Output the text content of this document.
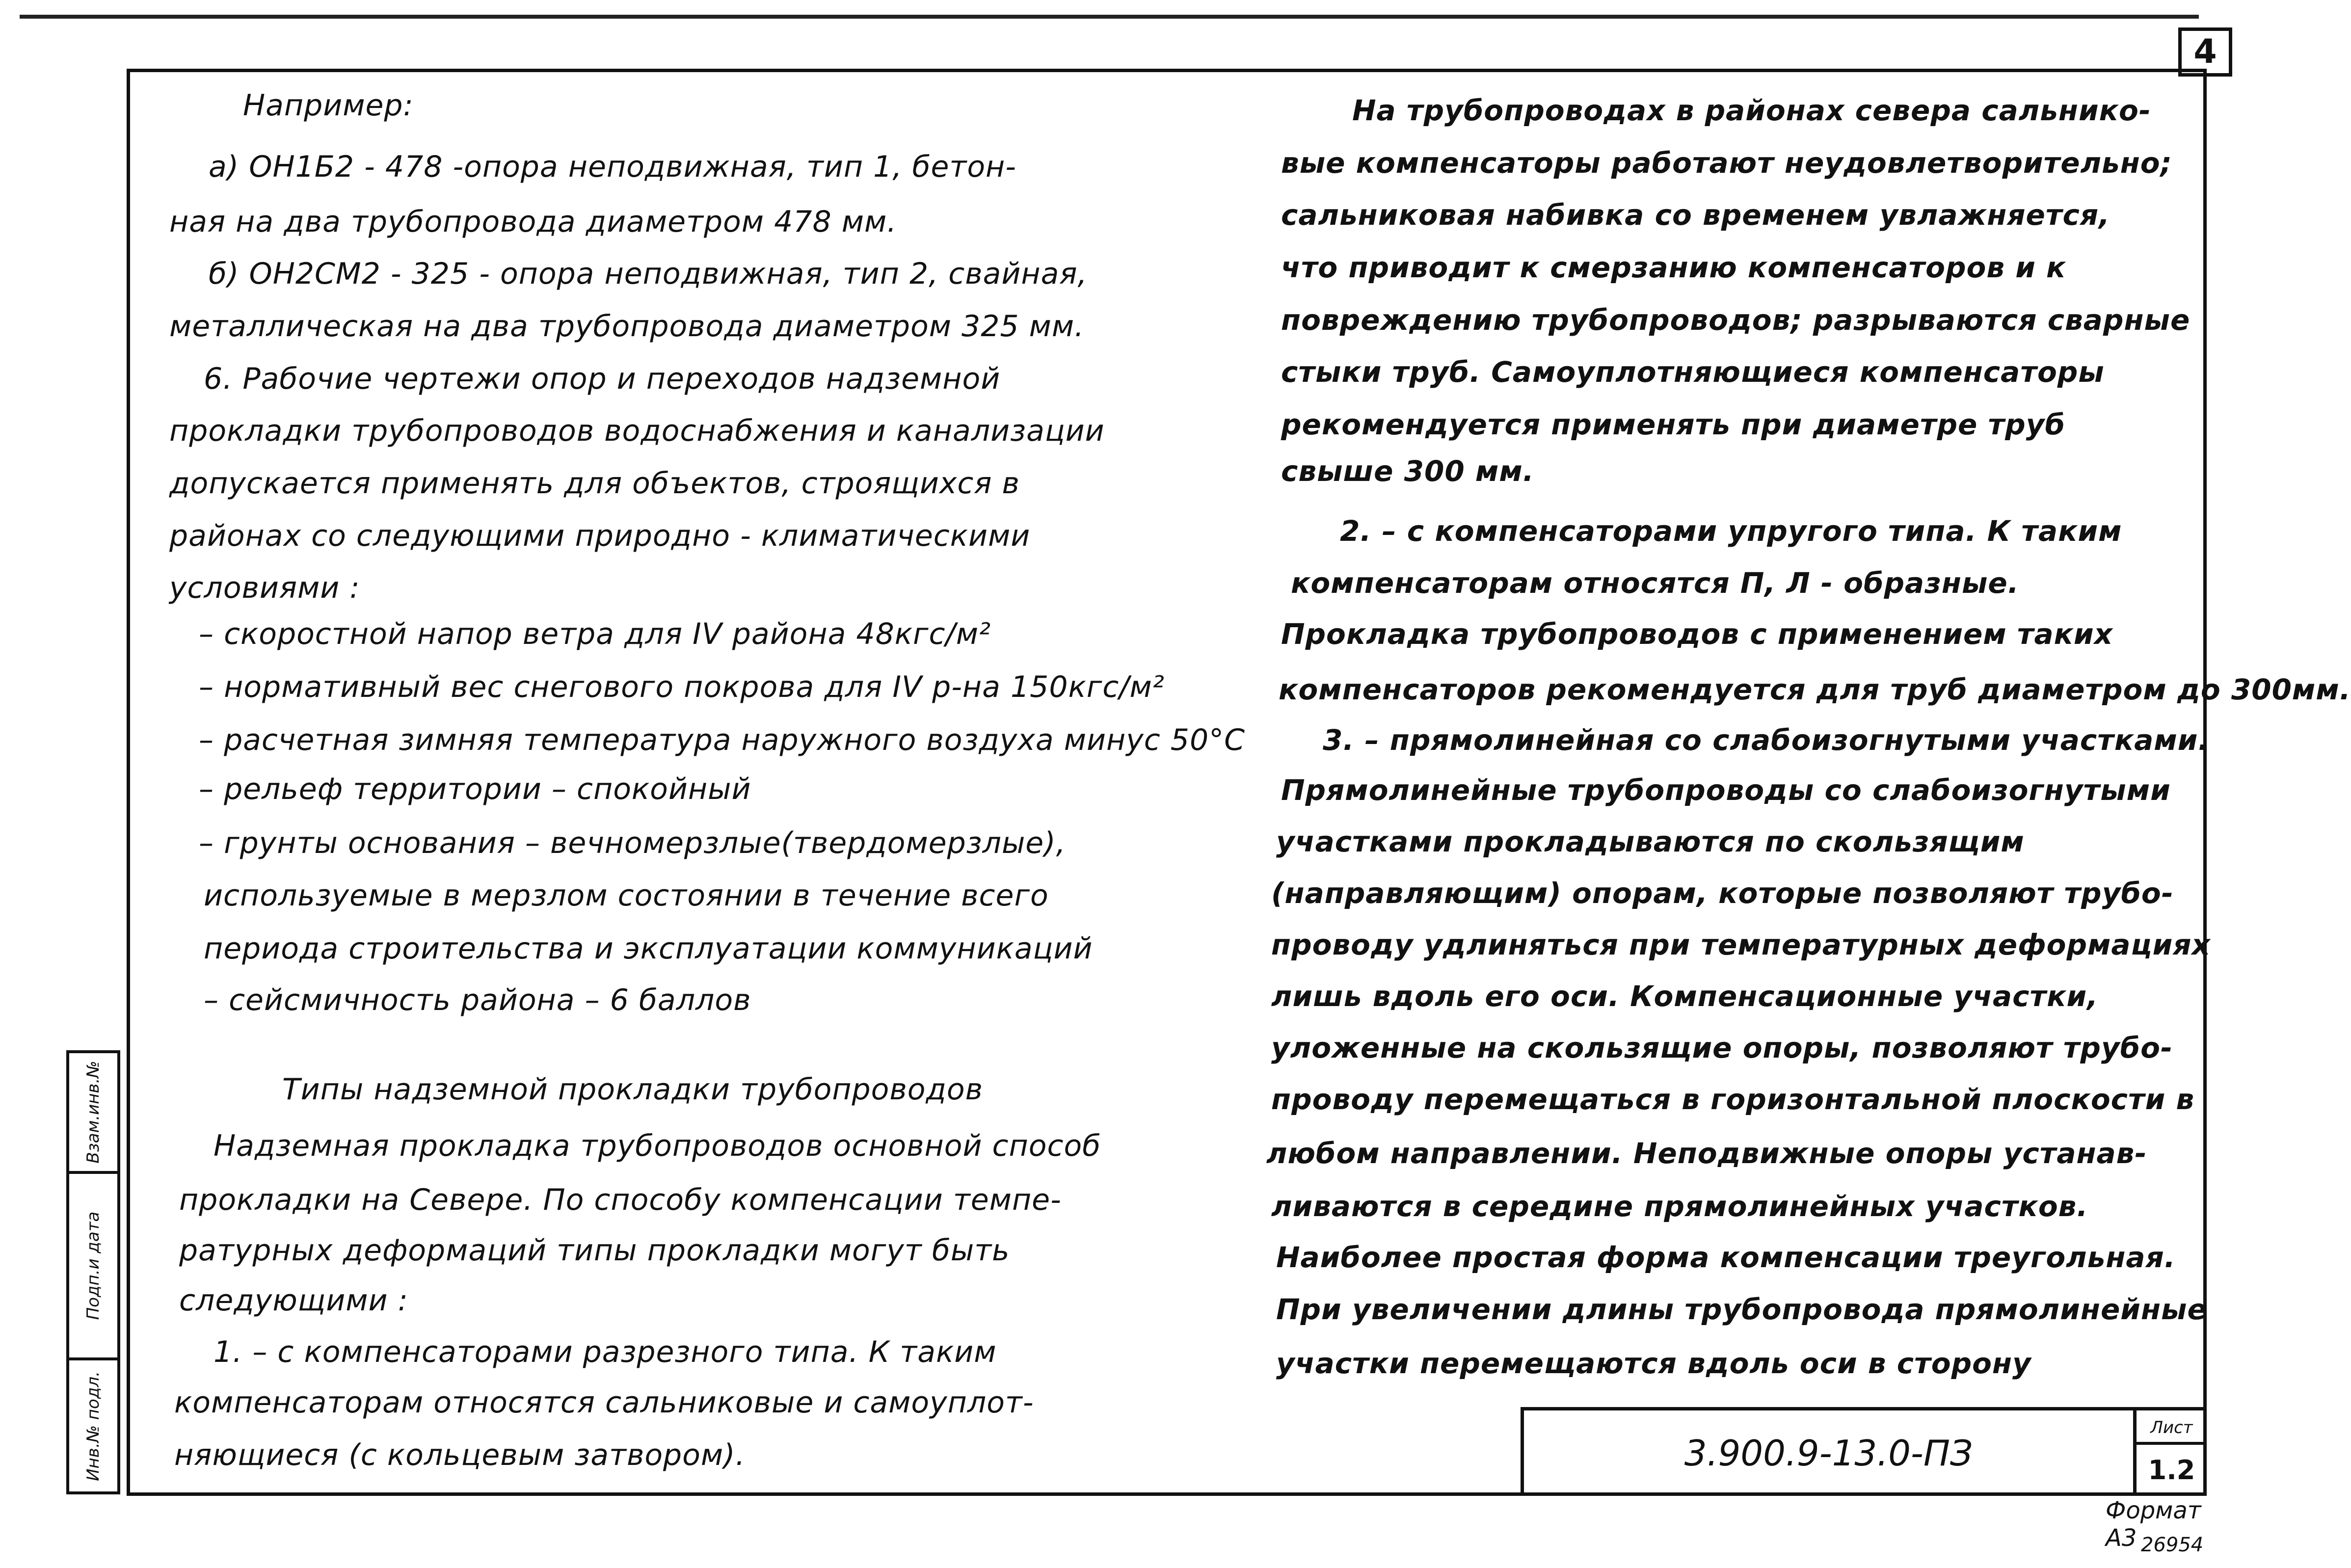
4
Например:
а) ОН1Б2 - 478 -опора неподвижная, тип 1, бетон-
ная на два трубопровода диаметром 478 мм.
б) ОН2СМ2 - 325 - опора неподвижная, тип 2, свайная,
металлическая на два трубопровода диаметром 325 мм.
6. Рабочие чертежи опор и переходов надземной
прокладки трубопроводов водоснабжения и канализации
допускается применять для объектов, строящихся в
районах со следующими природно - климатическими
условиями :
– скоростной напор ветра для IV района 48кгс/м²
– нормативный вес снегового покрова для IV р-на 150кгс/м²
– расчетная зимняя температура наружного воздуха минус 50°С
– рельеф территории – спокойный
– грунты основания – вечномерзлые(твердомерзлые),
используемые в мерзлом состоянии в течение всего
периода строительства и эксплуатации коммуникаций
– сейсмичность района – 6 баллов
Типы надземной прокладки трубопроводов
Надземная прокладка трубопроводов основной способ
прокладки на Севере. По способу компенсации темпе-
ратурных деформаций типы прокладки могут быть
следующими :
1. – с компенсаторами разрезного типа. К таким
компенсаторам относятся сальниковые и самоуплот-
няющиеся (с кольцевым затвором).
На трубопроводах в районах севера сальнико-
вые компенсаторы работают неудовлетворительно;
сальниковая набивка со временем увлажняется,
что приводит к смерзанию компенсаторов и к
повреждению трубопроводов; разрываются сварные
стыки труб. Самоуплотняющиеся компенсаторы
рекомендуется применять при диаметре труб
свыше 300 мм.
2. – с компенсаторами упругого типа. К таким
компенсаторам относятся П, Л - образные.
Прокладка трубопроводов с применением таких
компенсаторов рекомендуется для труб диаметром до 300мм.
3. – прямолинейная со слабоизогнутыми участками.
Прямолинейные трубопроводы со слабоизогнутыми
участками прокладываются по скользящим
(направляющим) опорам, которые позволяют трубо-
проводу удлиняться при температурных деформациях
лишь вдоль его оси. Компенсационные участки,
уложенные на скользящие опоры, позволяют трубо-
проводу перемещаться в горизонтальной плоскости в
любом направлении. Неподвижные опоры устанав-
ливаются в середине прямолинейных участков.
Наиболее простая форма компенсации треугольная.
При увеличении длины трубопровода прямолинейные
участки перемещаются вдоль оси в сторону
Взам.инв.№
Подп.и дата
Инв.№ подл.	3.900.9-13.0-ПЗ
Лист
1.2
Формат А3 26954
